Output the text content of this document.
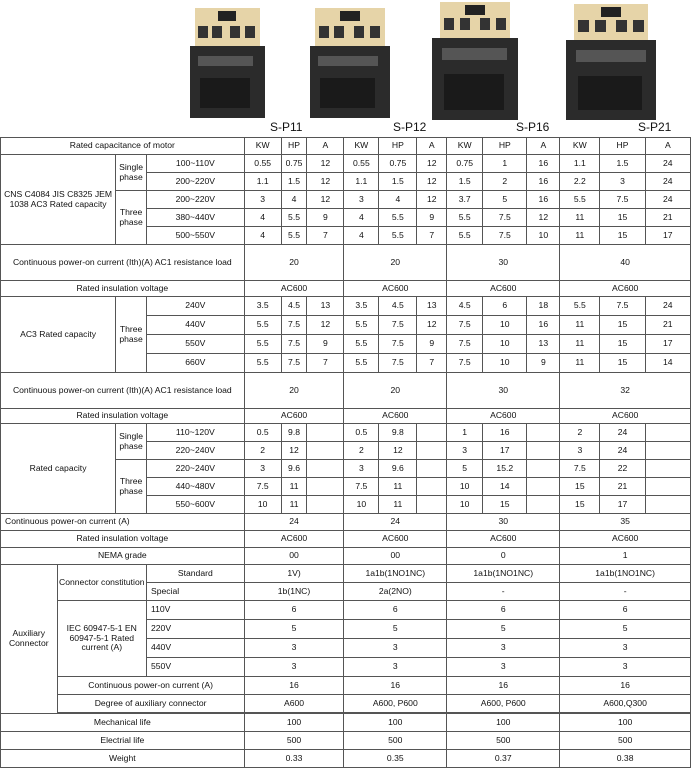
S-P11	S-P12	S-P16	S-P21
Rated capacitance of motor				KW	HP	A	KW	HP	A	KW	HP	A	KW	HP	A
CNS C4084 JIS C8325 JEM 1038 AC3 Rated capacity		Single phase	100~110V	0.55	0.75	12	0.55	0.75	12	0.75	1	16	1.1	1.5	24
			200~220V	1.1	1.5	12	1.1	1.5	12	1.5	2	16	2.2	3	24
		Three phase	200~220V	3	4	12	3	4	12	3.7	5	16	5.5	7.5	24
			380~440V	4	5.5	9	4	5.5	9	5.5	7.5	12	11	15	21
			500~550V	4	5.5	7	4	5.5	7	5.5	7.5	10	11	15	17
Continuous power-on current (Ith)(A) AC1 resistance load				20			20			30			40		
Rated insulation voltage				AC600			AC600			AC600			AC600		
AC3 Rated capacity		Three phase	240V	3.5	4.5	13	3.5	4.5	13	4.5	6	18	5.5	7.5	24
			440V	5.5	7.5	12	5.5	7.5	12	7.5	10	16	11	15	21
			550V	5.5	7.5	9	5.5	7.5	9	7.5	10	13	11	15	17
			660V	5.5	7.5	7	5.5	7.5	7	7.5	10	9	11	15	14
Continuous power-on current (Ith)(A) AC1 resistance load				20			20			30			32		
Rated insulation voltage				AC600			AC600			AC600			AC600		
Rated capacity		Single phase	110~120V	0.5	9.8		0.5	9.8		1	16		2	24	
			220~240V	2	12		2	12		3	17		3	24	
		Three phase	220~240V	3	9.6		3	9.6		5	15.2		7.5	22	
			440~480V	7.5	11		7.5	11		10	14		15	21	
			550~600V	10	11		10	11		10	15		15	17	
Continuous power-on current (A)				24			24			30			35		
Rated insulation voltage				AC600			AC600			AC600			AC600		
NEMA grade				00			00			0			1		
Auxiliary Connector	Connector constitution		Standard	1V)			1a1b(1NO1NC)			1a1b(1NO1NC)			1a1b(1NO1NC)		
			Special	1b(1NC)			2a(2NO)			-			-		
	IEC 60947-5-1 EN 60947-5-1 Rated current (A)		110V	6			6			6			6		
			220V	5			5			5			5		
			440V	3			3			3			3		
			550V	3			3			3			3		
	Continuous power-on current (A)			16			16			16			16		
	Degree of auxiliary connector			A600			A600, P600			A600, P600			A600,Q300		

Mechanical life				100			100			100			100		
Electrial life				500			500			500			500		
Weight				0.33			0.35			0.37			0.38		
